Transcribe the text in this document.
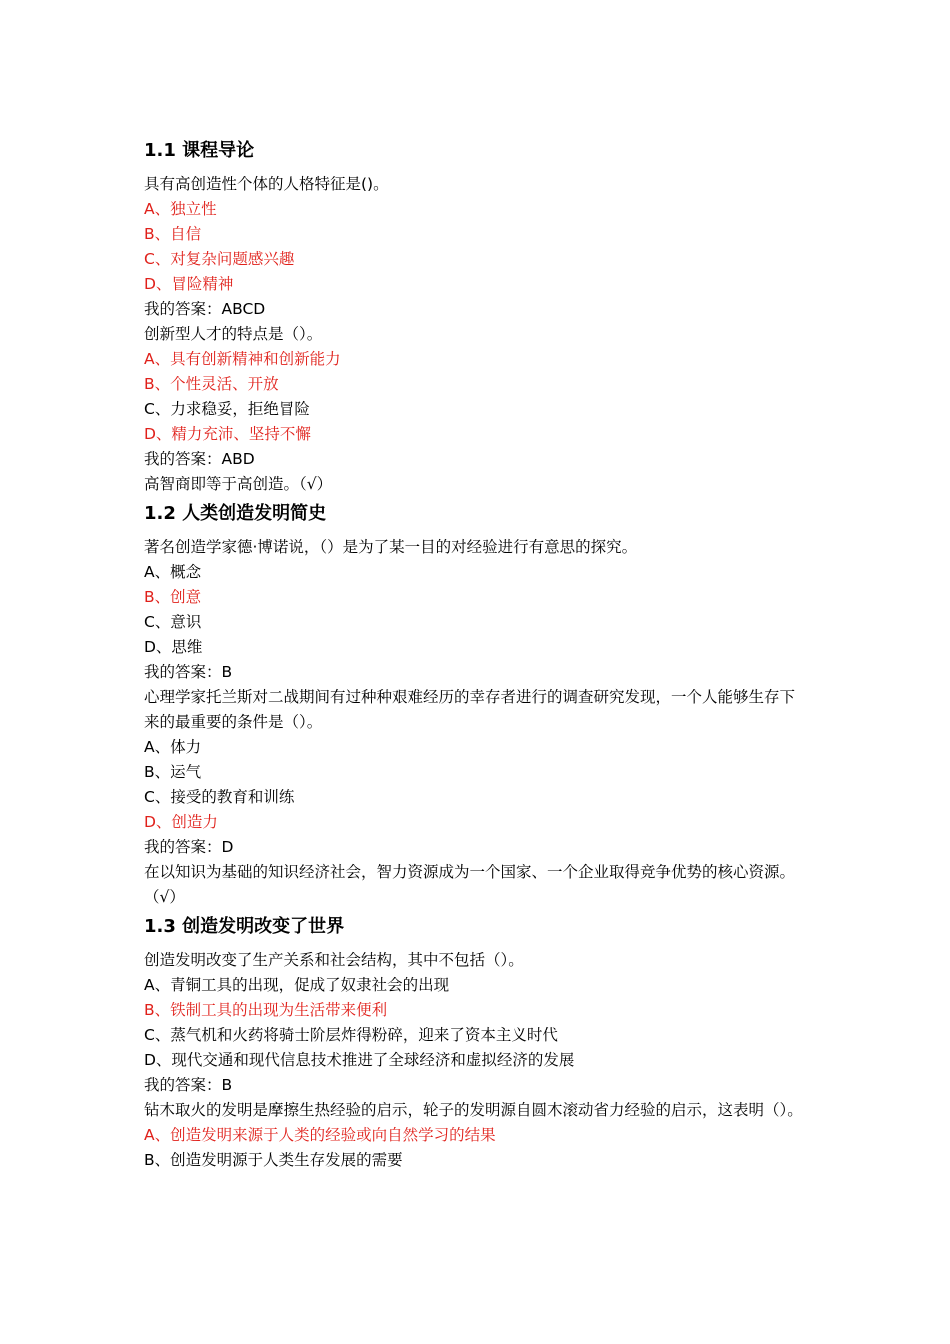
1.1 课程导论
具有高创造性个体的人格特征是()。
A、独立性
B、自信
C、对复杂问题感兴趣
D、冒险精神
我的答案：ABCD
创新型人才的特点是（）。
A、具有创新精神和创新能力
B、个性灵活、开放
C、力求稳妥，拒绝冒险
D、精力充沛、坚持不懈
我的答案：ABD
高智商即等于高创造。（√）
1.2 人类创造发明简史
著名创造学家德·博诺说，（）是为了某一目的对经验进行有意思的探究。
A、概念
B、创意
C、意识
D、思维
我的答案：B
心理学家托兰斯对二战期间有过种种艰难经历的幸存者进行的调查研究发现，一个人能够生存下来的最重要的条件是（）。
A、体力
B、运气
C、接受的教育和训练
D、创造力
我的答案：D
在以知识为基础的知识经济社会，智力资源成为一个国家、一个企业取得竞争优势的核心资源。（√）
1.3 创造发明改变了世界
创造发明改变了生产关系和社会结构，其中不包括（）。
A、青铜工具的出现，促成了奴隶社会的出现
B、铁制工具的出现为生活带来便利
C、蒸气机和火药将骑士阶层炸得粉碎，迎来了资本主义时代
D、现代交通和现代信息技术推进了全球经济和虚拟经济的发展
我的答案：B
钻木取火的发明是摩擦生热经验的启示，轮子的发明源自圆木滚动省力经验的启示，这表明（）。
A、创造发明来源于人类的经验或向自然学习的结果
B、创造发明源于人类生存发展的需要
